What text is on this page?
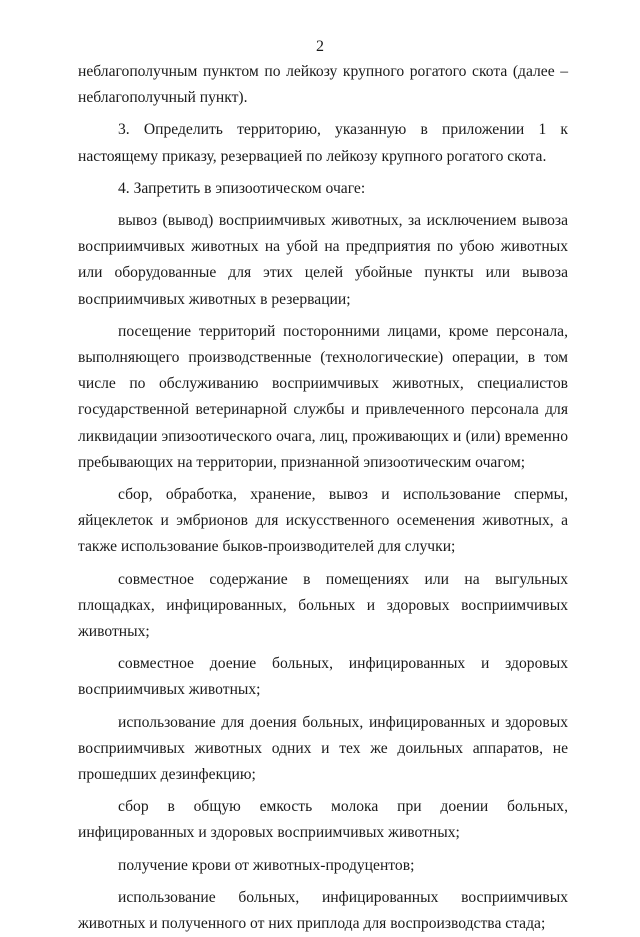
2

неблагополучным пунктом по лейкозу крупного рогатого скота (далее – неблагополучный пункт).

3. Определить территорию, указанную в приложении 1 к настоящему приказу, резервацией по лейкозу крупного рогатого скота.

4. Запретить в эпизоотическом очаге:

вывоз (вывод) восприимчивых животных, за исключением вывоза восприимчивых животных на убой на предприятия по убою животных или оборудованные для этих целей убойные пункты или вывоза восприимчивых животных в резервации;

посещение территорий посторонними лицами, кроме персонала, выполняющего производственные (технологические) операции, в том числе по обслуживанию восприимчивых животных, специалистов государственной ветеринарной службы и привлеченного персонала для ликвидации эпизоотического очага, лиц, проживающих и (или) временно пребывающих на территории, признанной эпизоотическим очагом;

сбор, обработка, хранение, вывоз и использование спермы, яйцеклеток и эмбрионов для искусственного осеменения животных, а также использование быков-производителей для случки;

совместное содержание в помещениях или на выгульных площадках, инфицированных, больных и здоровых восприимчивых животных;

совместное доение больных, инфицированных и здоровых восприимчивых животных;

использование для доения больных, инфицированных и здоровых восприимчивых животных одних и тех же доильных аппаратов, не прошедших дезинфекцию;

сбор в общую емкость молока при доении больных, инфицированных и здоровых восприимчивых животных;

получение крови от животных-продуцентов;

использование больных, инфицированных восприимчивых животных и полученного от них приплода для воспроизводства стада;
